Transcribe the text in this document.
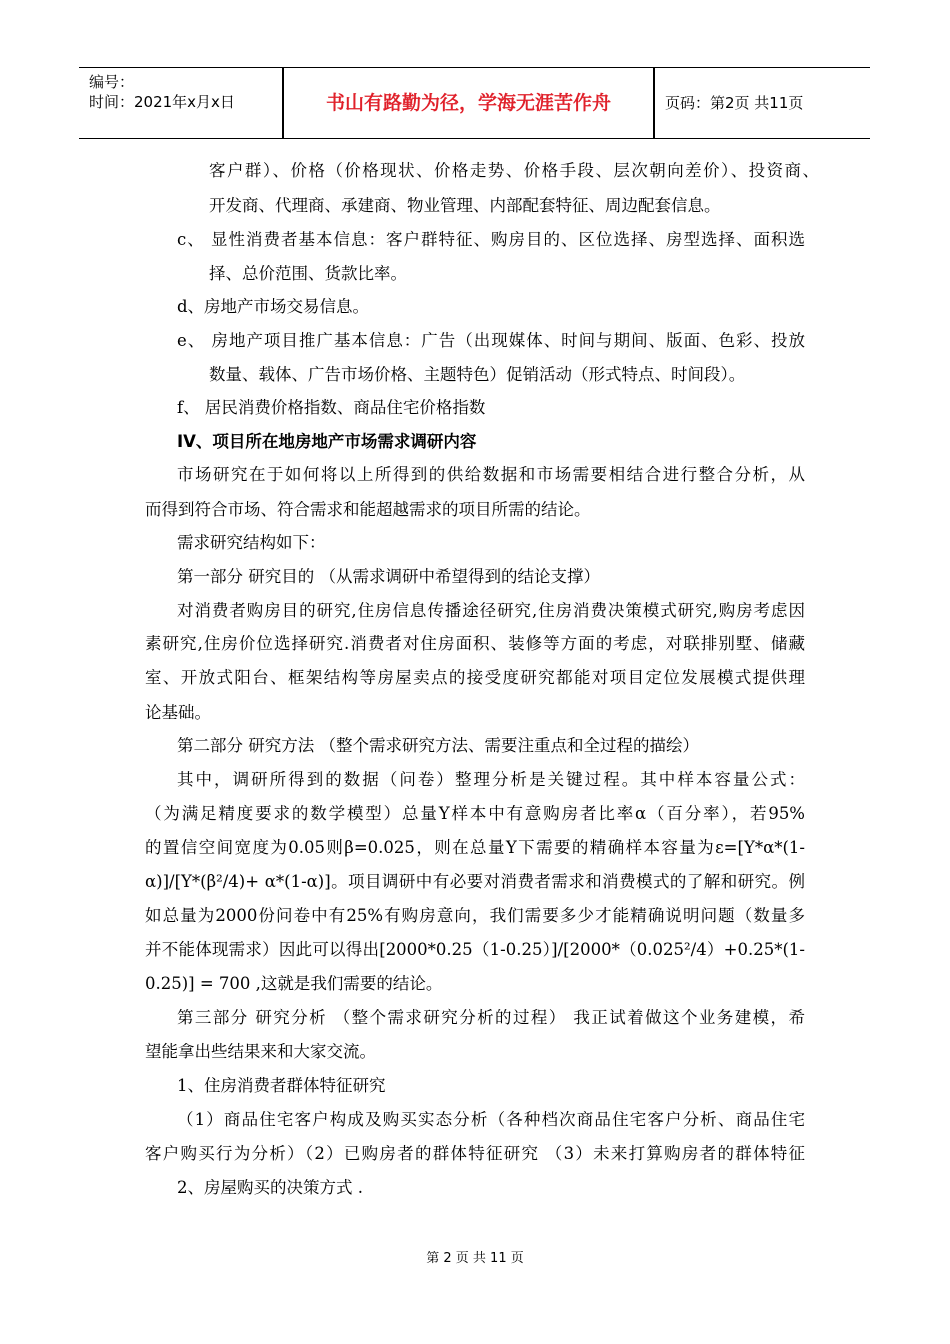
编号：
时间：2021年x月x日	书山有路勤为径，学海无涯苦作舟	页码：第2页 共11页
客户群）、价格（价格现状、价格走势、价格手段、层次朝向差价）、投资商、
开发商、代理商、承建商、物业管理、内部配套特征、周边配套信息。
c、 显性消费者基本信息：客户群特征、购房目的、区位选择、房型选择、面积选
择、总价范围、货款比率。
d、房地产市场交易信息。
e、 房地产项目推广基本信息：广告（出现媒体、时间与期间、版面、色彩、投放
数量、载体、广告市场价格、主题特色）促销活动（形式特点、时间段）。
f、 居民消费价格指数、商品住宅价格指数
IV、项目所在地房地产市场需求调研内容
市场研究在于如何将以上所得到的供给数据和市场需要相结合进行整合分析，从
而得到符合市场、符合需求和能超越需求的项目所需的结论。
需求研究结构如下：
第一部分 研究目的 （从需求调研中希望得到的结论支撑）
对消费者购房目的研究,住房信息传播途径研究,住房消费决策模式研究,购房考虑因
素研究,住房价位选择研究.消费者对住房面积、装修等方面的考虑，对联排别墅、储藏
室、开放式阳台、框架结构等房屋卖点的接受度研究都能对项目定位发展模式提供理
论基础。
第二部分 研究方法 （整个需求研究方法、需要注重点和全过程的描绘）
其中，调研所得到的数据（问卷）整理分析是关键过程。其中样本容量公式：
（为满足精度要求的数学模型）总量Y样本中有意购房者比率α（百分率），若95%
的置信空间宽度为0.05则β=0.025，则在总量Y下需要的精确样本容量为ε=[Y*α*(1-
α)]/[Y*(β²/4)+ α*(1-α)]。项目调研中有必要对消费者需求和消费模式的了解和研究。例
如总量为2000份问卷中有25%有购房意向，我们需要多少才能精确说明问题（数量多
并不能体现需求）因此可以得出[2000*0.25（1-0.25）]/[2000*（0.025²/4）+0.25*(1-
0.25)] = 700 ,这就是我们需要的结论。
第三部分 研究分析 （整个需求研究分析的过程） 我正试着做这个业务建模，希
望能拿出些结果来和大家交流。
1、住房消费者群体特征研究
（1）商品住宅客户构成及购买实态分析（各种档次商品住宅客户分析、商品住宅
客户购买行为分析）（2）已购房者的群体特征研究 （3）未来打算购房者的群体特征
2、房屋购买的决策方式 .
第 2 页 共 11 页
